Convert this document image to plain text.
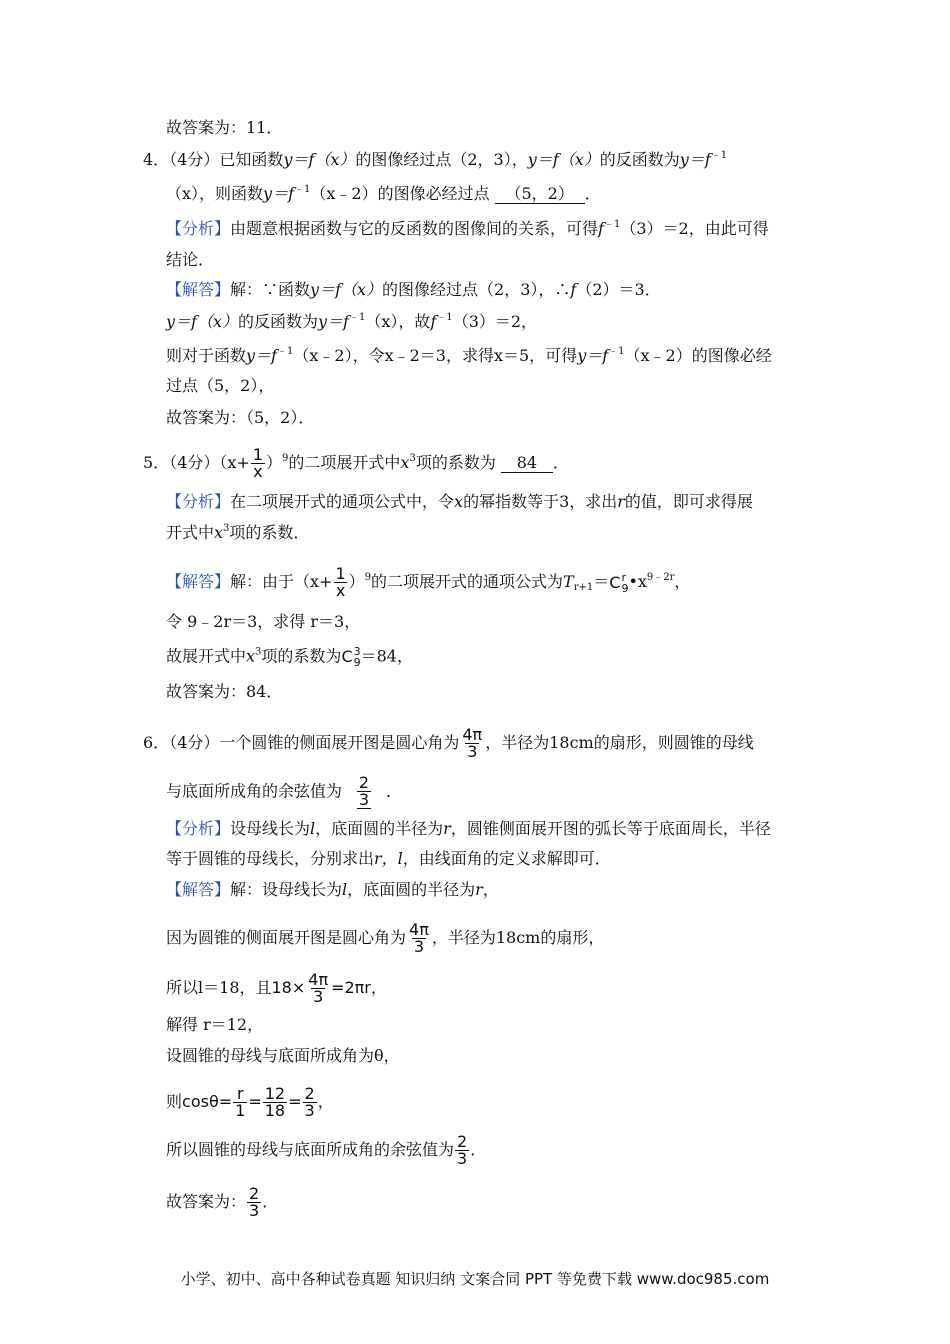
故答案为：11．
4．（4分）已知函数y＝f（x）的图像经过点（2，3），y＝f（x）的反函数为$y=f^{﹣1}$
（x），则函数$y=f^{﹣1}(x﹣2)$的图像必经过点 （5，2） ．
【分析】由题意根据函数与它的反函数的图像间的关系，可得$f^{﹣1}(3)=2$，由此可得
结论．
【解答】解：∵函数y＝f（x）的图像经过点（2，3），∴f（2）＝3．
y＝f（x）的反函数为$y=f^{﹣1}(x)$，故$f^{﹣1}(3)=2$，
则对于函数$y=f^{﹣1}(x﹣2)$，令x﹣2＝3，求得x＝5，可得$y=f^{﹣1}(x﹣2)$的图像必经
过点（5，2），
故答案为：（5，2）．
5．（4分）$(x+ \frac{1}{x} )^9$的二项展开式中$x^3$项的系数为 84 ．
【分析】在二项展开式的通项公式中，令x的幂指数等于3，求出r的值，即可求得展
开式中$x^3$项的系数．
【解答】解：由于$(x+ \frac{1}{x} )^9$的二项展开式的通项公式为$T_{r+1}= C$ r
9 $•x^{9﹣2r}$，
令 9﹣2r＝3，求得 r＝3，
故展开式中$x^3$项的系数为 C 3
9 ＝84，
故答案为：84．
6．（4分）一个圆锥的侧面展开图是圆心角为 $\frac{4\pi}{3}$ ，半径为18cm的扇形，则圆锥的母线
与底面所成角的余弦值为 $\frac{2}{3}$ ．
【分析】设母线长为l，底面圆的半径为r，圆锥侧面展开图的弧长等于底面周长，半径
等于圆锥的母线长，分别求出r，l，由线面角的定义求解即可．
【解答】解：设母线长为l，底面圆的半径为r，
因为圆锥的侧面展开图是圆心角为 $\frac{4\pi}{3}$ ，半径为18cm的扇形，
所以l＝18，且$18\times \frac{4\pi}{3} =2\pi r$，
解得 r＝12，
设圆锥的母线与底面所成角为θ，
则$\cos\theta= \frac{r}{1} = \frac{12}{18} = \frac{2}{3}$ ，
所以圆锥的母线与底面所成角的余弦值为 $\frac{2}{3}$ ．
故答案为： $\frac{2}{3}$ ．
小学、初中、高中各种试卷真题 知识归纳 文案合同 PPT 等免费下载 www.doc985.com
